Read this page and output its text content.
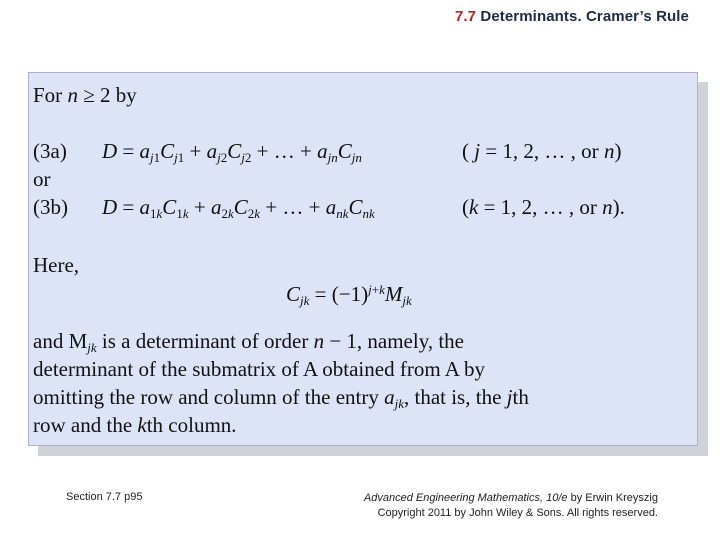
7.7 Determinants. Cramer’s Rule
For n ≥ 2 by
(3a)
or
(3b)
$D = a_{j1}C_{j1} + a_{j2}C_{j2}$ + … + $a_{jn}C_{jn}$	( j = 1, 2, … , or n)
$D = a_{1k}C_{1k} + a_{2k}C_{2k}$ + … + $a_{nk}C_{nk}$	(k = 1, 2, … , or n).
Here,
$C_{jk} = (-1)^{j+k}M_{jk}$
and $M_{jk}$ is a determinant of order n − 1, namely, the
determinant of the submatrix of A obtained from A by
omitting the row and column of the entry $a_{jk}$, that is, the jth
row and the kth column.
Section 7.7 p95	Advanced Engineering Mathematics, 10/e by Erwin Kreyszig
Copyright 2011 by John Wiley & Sons. All rights reserved.
